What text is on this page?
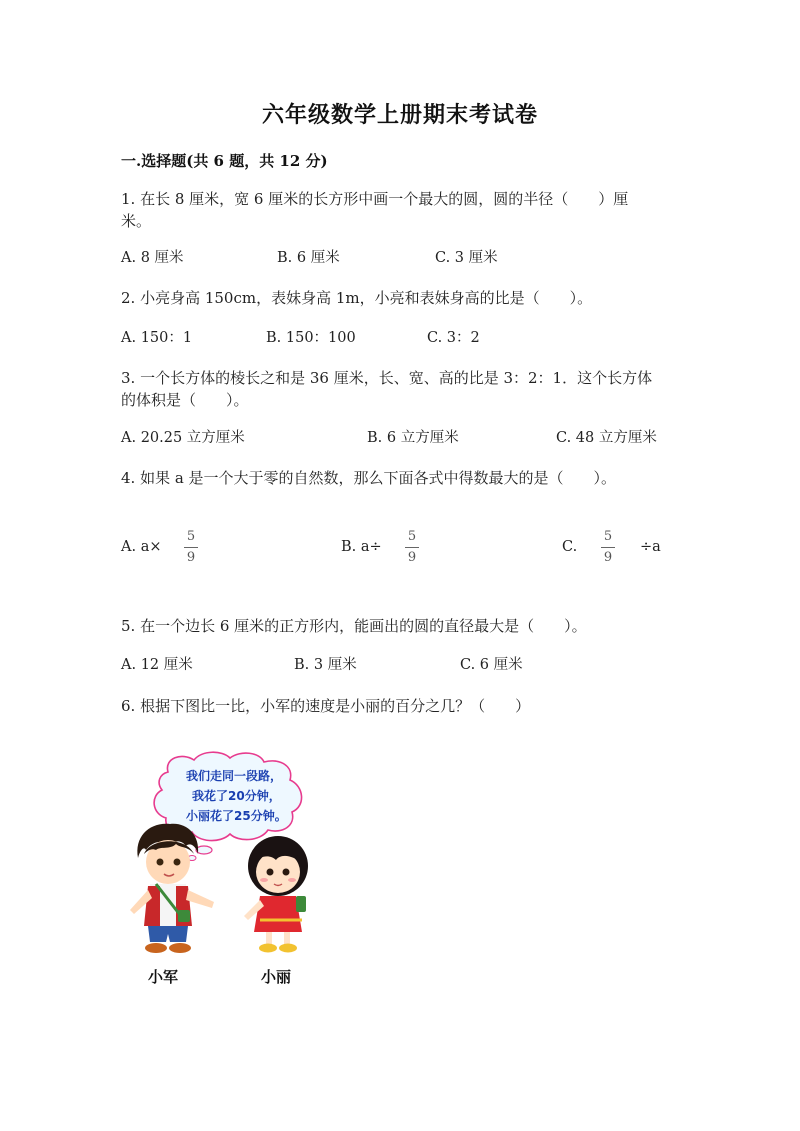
六年级数学上册期末考试卷
一.选择题(共 6 题，共 12 分)
1. 在长 8 厘米，宽 6 厘米的长方形中画一个最大的圆，圆的半径（　　）厘
米。
A. 8 厘米	B. 6 厘米	C. 3 厘米
2. 小亮身高 150cm，表妹身高 1m，小亮和表妹身高的比是（　　）。
A. 150：1	B. 150：100	C. 3：2
3. 一个长方体的棱长之和是 36 厘米，长、宽、高的比是 3：2：1．这个长方体
的体积是（　　）。
A. 20.25 立方厘米	B. 6 立方厘米	C. 48 立方厘米
4. 如果 a 是一个大于零的自然数，那么下面各式中得数最大的是（　　）。
A. a×
5
9
B. a÷
5
9
C.
5
9
÷a
5. 在一个边长 6 厘米的正方形内，能画出的圆的直径最大是（　　）。
A. 12 厘米	B. 3 厘米	C. 6 厘米
6. 根据下图比一比，小军的速度是小丽的百分之几？（　　）
我们走同一段路，
我花了20分钟，
小丽花了25分钟。
小军	小丽
